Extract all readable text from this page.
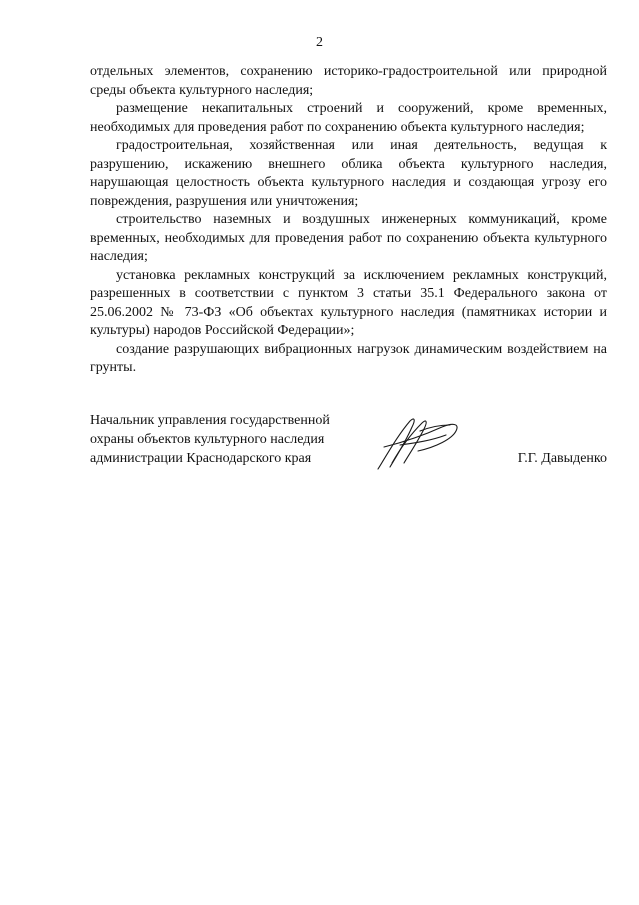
2

отдельных элементов, сохранению историко-градостроительной или природной среды объекта культурного наследия;

размещение некапитальных строений и сооружений, кроме временных, необходимых для проведения работ по сохранению объекта культурного наследия;

градостроительная, хозяйственная или иная деятельность, ведущая к разрушению, искажению внешнего облика объекта культурного наследия, нарушающая целостность объекта культурного наследия и создающая угрозу его повреждения, разрушения или уничтожения;

строительство наземных и воздушных инженерных коммуникаций, кроме временных, необходимых для проведения работ по сохранению объекта культурного наследия;

установка рекламных конструкций за исключением рекламных конструкций, разрешенных в соответствии с пунктом 3 статьи 35.1 Федерального закона от 25.06.2002 № 73-ФЗ «Об объектах культурного наследия (памятниках истории и культуры) народов Российской Федерации»;

создание разрушающих вибрационных нагрузок динамическим воздействием на грунты.

Начальник управления государственной
охраны объектов культурного наследия
администрации Краснодарского края	Г.Г. Давыденко
